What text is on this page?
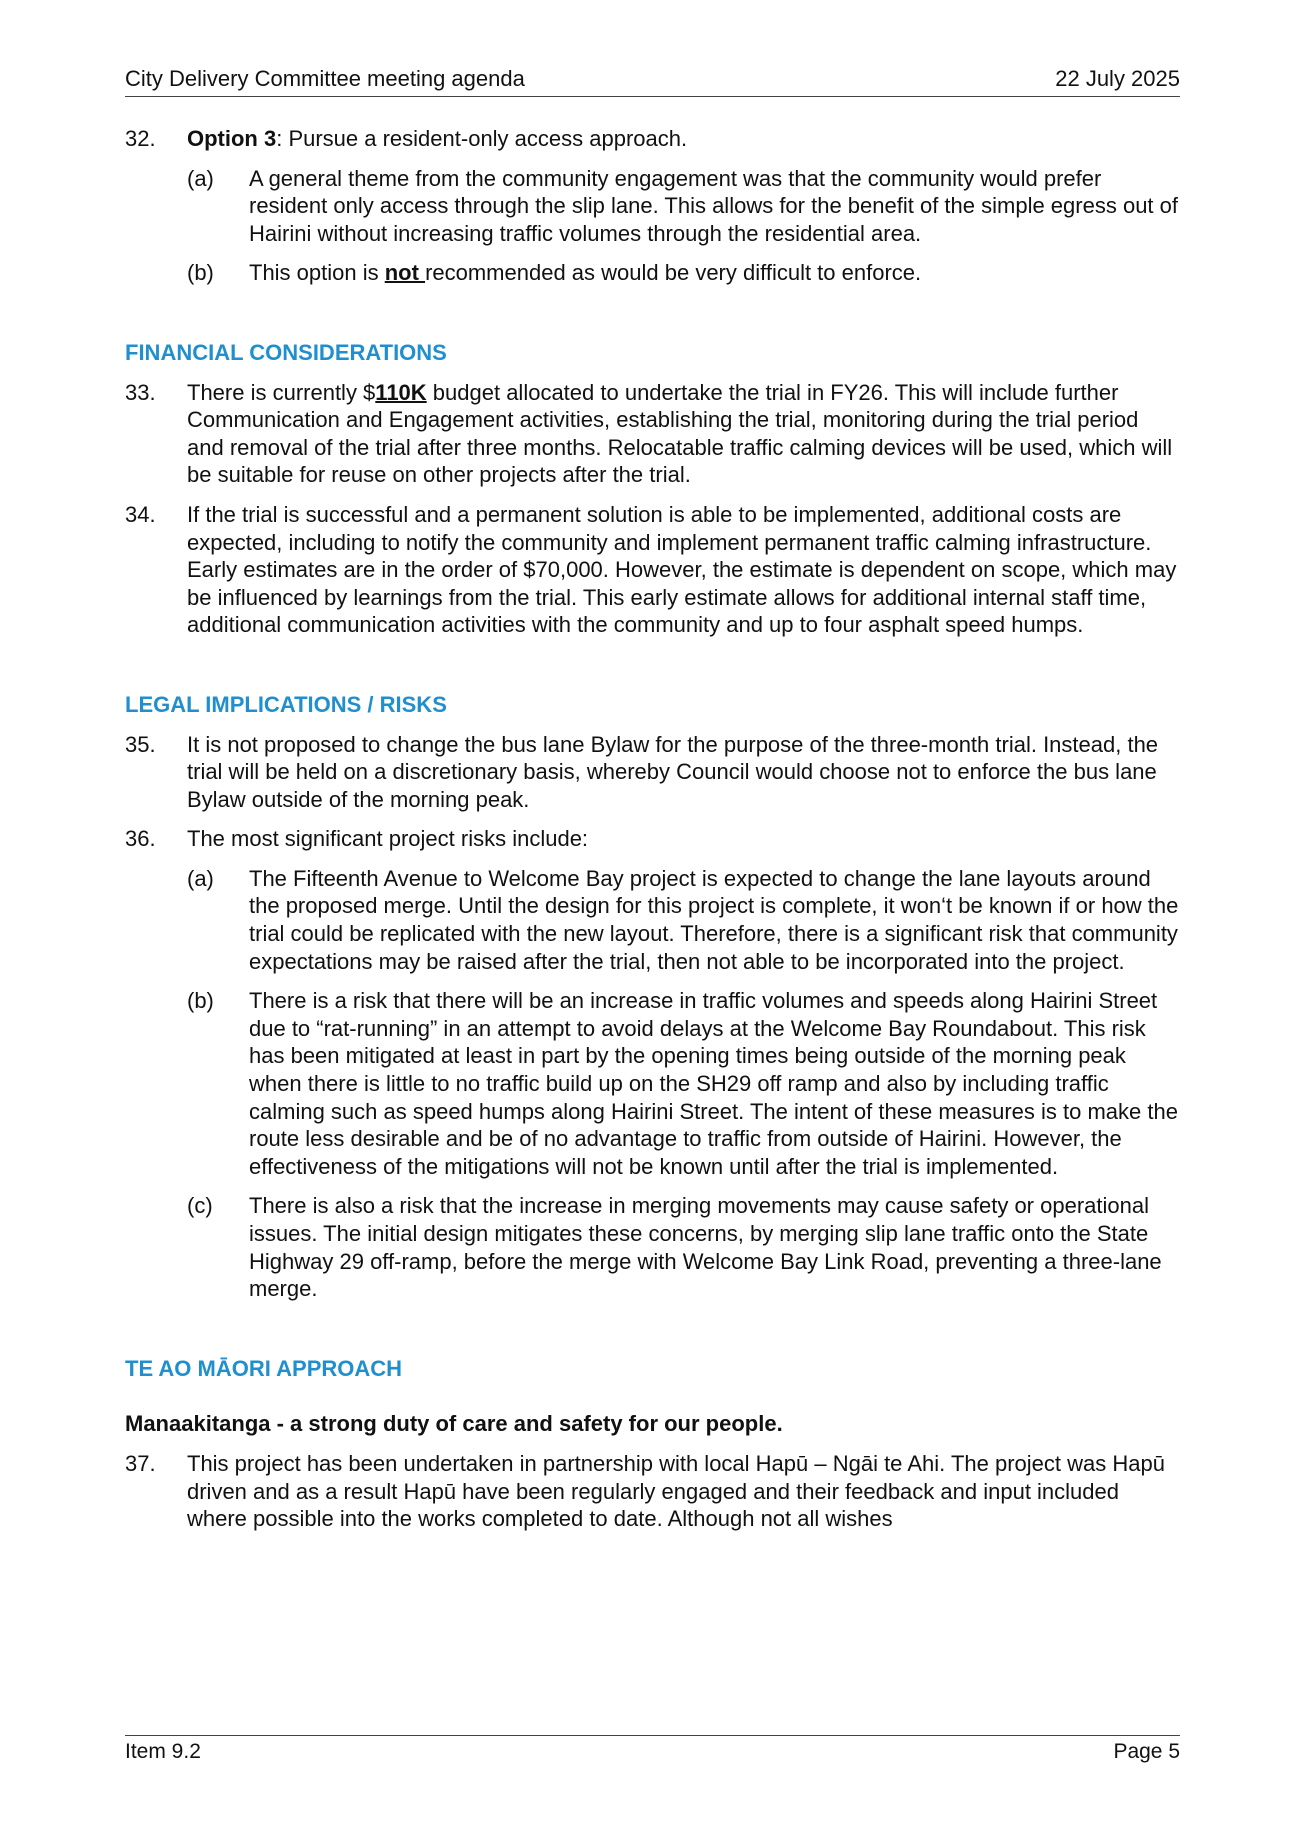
City Delivery Committee meeting agenda	22 July 2025
32. Option 3: Pursue a resident-only access approach.

(a) A general theme from the community engagement was that the community would prefer resident only access through the slip lane. This allows for the benefit of the simple egress out of Hairini without increasing traffic volumes through the residential area.

(b) This option is not recommended as would be very difficult to enforce.

FINANCIAL CONSIDERATIONS
33. There is currently $110K budget allocated to undertake the trial in FY26. This will include further Communication and Engagement activities, establishing the trial, monitoring during the trial period and removal of the trial after three months. Relocatable traffic calming devices will be used, which will be suitable for reuse on other projects after the trial.

34. If the trial is successful and a permanent solution is able to be implemented, additional costs are expected, including to notify the community and implement permanent traffic calming infrastructure. Early estimates are in the order of $70,000. However, the estimate is dependent on scope, which may be influenced by learnings from the trial. This early estimate allows for additional internal staff time, additional communication activities with the community and up to four asphalt speed humps.

LEGAL IMPLICATIONS / RISKS
35. It is not proposed to change the bus lane Bylaw for the purpose of the three-month trial. Instead, the trial will be held on a discretionary basis, whereby Council would choose not to enforce the bus lane Bylaw outside of the morning peak.

36. The most significant project risks include:

(a) The Fifteenth Avenue to Welcome Bay project is expected to change the lane layouts around the proposed merge. Until the design for this project is complete, it won‘t be known if or how the trial could be replicated with the new layout. Therefore, there is a significant risk that community expectations may be raised after the trial, then not able to be incorporated into the project.

(b) There is a risk that there will be an increase in traffic volumes and speeds along Hairini Street due to “rat-running” in an attempt to avoid delays at the Welcome Bay Roundabout. This risk has been mitigated at least in part by the opening times being outside of the morning peak when there is little to no traffic build up on the SH29 off ramp and also by including traffic calming such as speed humps along Hairini Street. The intent of these measures is to make the route less desirable and be of no advantage to traffic from outside of Hairini. However, the effectiveness of the mitigations will not be known until after the trial is implemented.

(c) There is also a risk that the increase in merging movements may cause safety or operational issues. The initial design mitigates these concerns, by merging slip lane traffic onto the State Highway 29 off-ramp, before the merge with Welcome Bay Link Road, preventing a three-lane merge.

TE AO MĀORI APPROACH
Manaakitanga - a strong duty of care and safety for our people.
37. This project has been undertaken in partnership with local Hapū – Ngāi te Ahi. The project was Hapū driven and as a result Hapū have been regularly engaged and their feedback and input included where possible into the works completed to date. Although not all wishes

Item 9.2	Page 5
